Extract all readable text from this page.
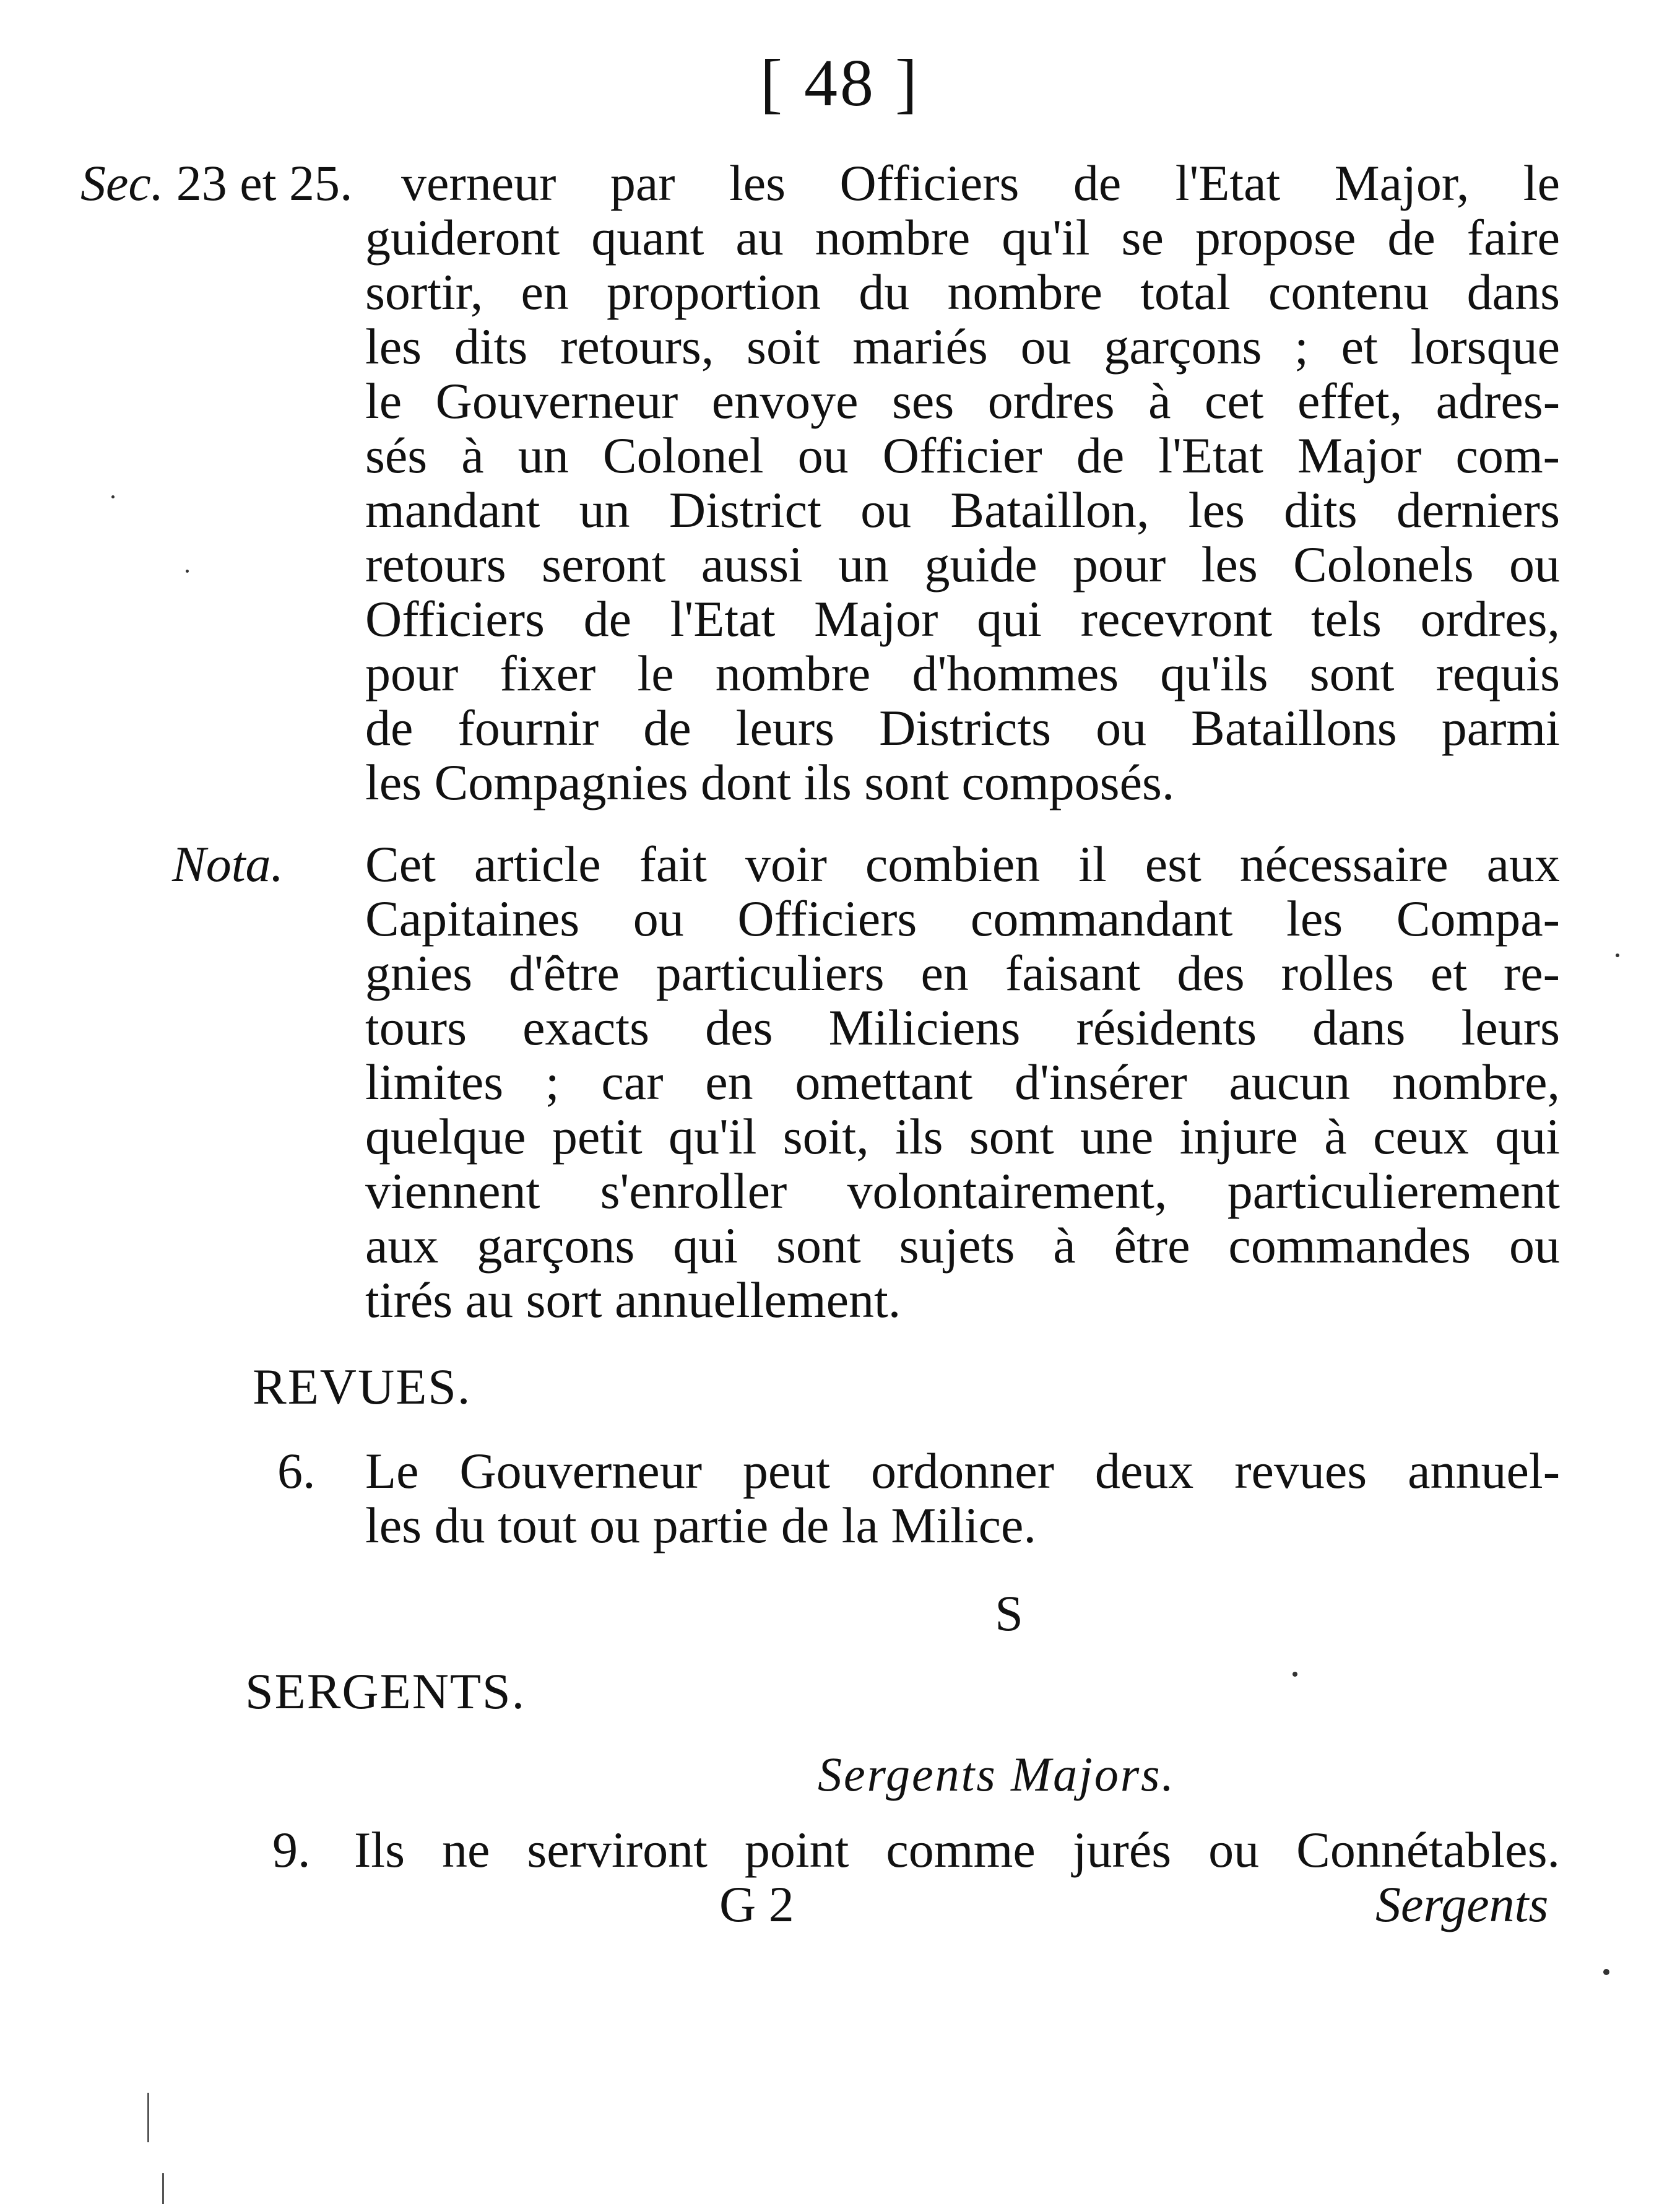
[ 48 ]
Sec. 23 et 25. verneur par les Officiers de l'Etat Major, le
guideront quant au nombre qu'il se propose de faire
sortir, en proportion du nombre total contenu dans
les dits retours, soit mariés ou garçons ; et lorsque
le Gouverneur envoye ses ordres à cet effet, adres-
sés à un Colonel ou Officier de l'Etat Major com-
mandant un District ou Bataillon, les dits derniers
retours seront aussi un guide pour les Colonels ou
Officiers de l'Etat Major qui recevront tels ordres,
pour fixer le nombre d'hommes qu'ils sont requis
de fournir de leurs Districts ou Bataillons parmi
les Compagnies dont ils sont composés.
Nota. Cet article fait voir combien il est nécessaire aux
Capitaines ou Officiers commandant les Compa-
gnies d'être particuliers en faisant des rolles et re-
tours exacts des Miliciens résidents dans leurs
limites ; car en omettant d'insérer aucun nombre,
quelque petit qu'il soit, ils sont une injure à ceux qui
viennent s'enroller volontairement, particulierement
aux garçons qui sont sujets à être commandes ou
tirés au sort annuellement.
REVUES.
6. Le Gouverneur peut ordonner deux revues annuel-
les du tout ou partie de la Milice.
S
SERGENTS.
Sergents Majors.
9. Ils ne serviront point comme jurés ou Connétables.
G 2	Sergents
